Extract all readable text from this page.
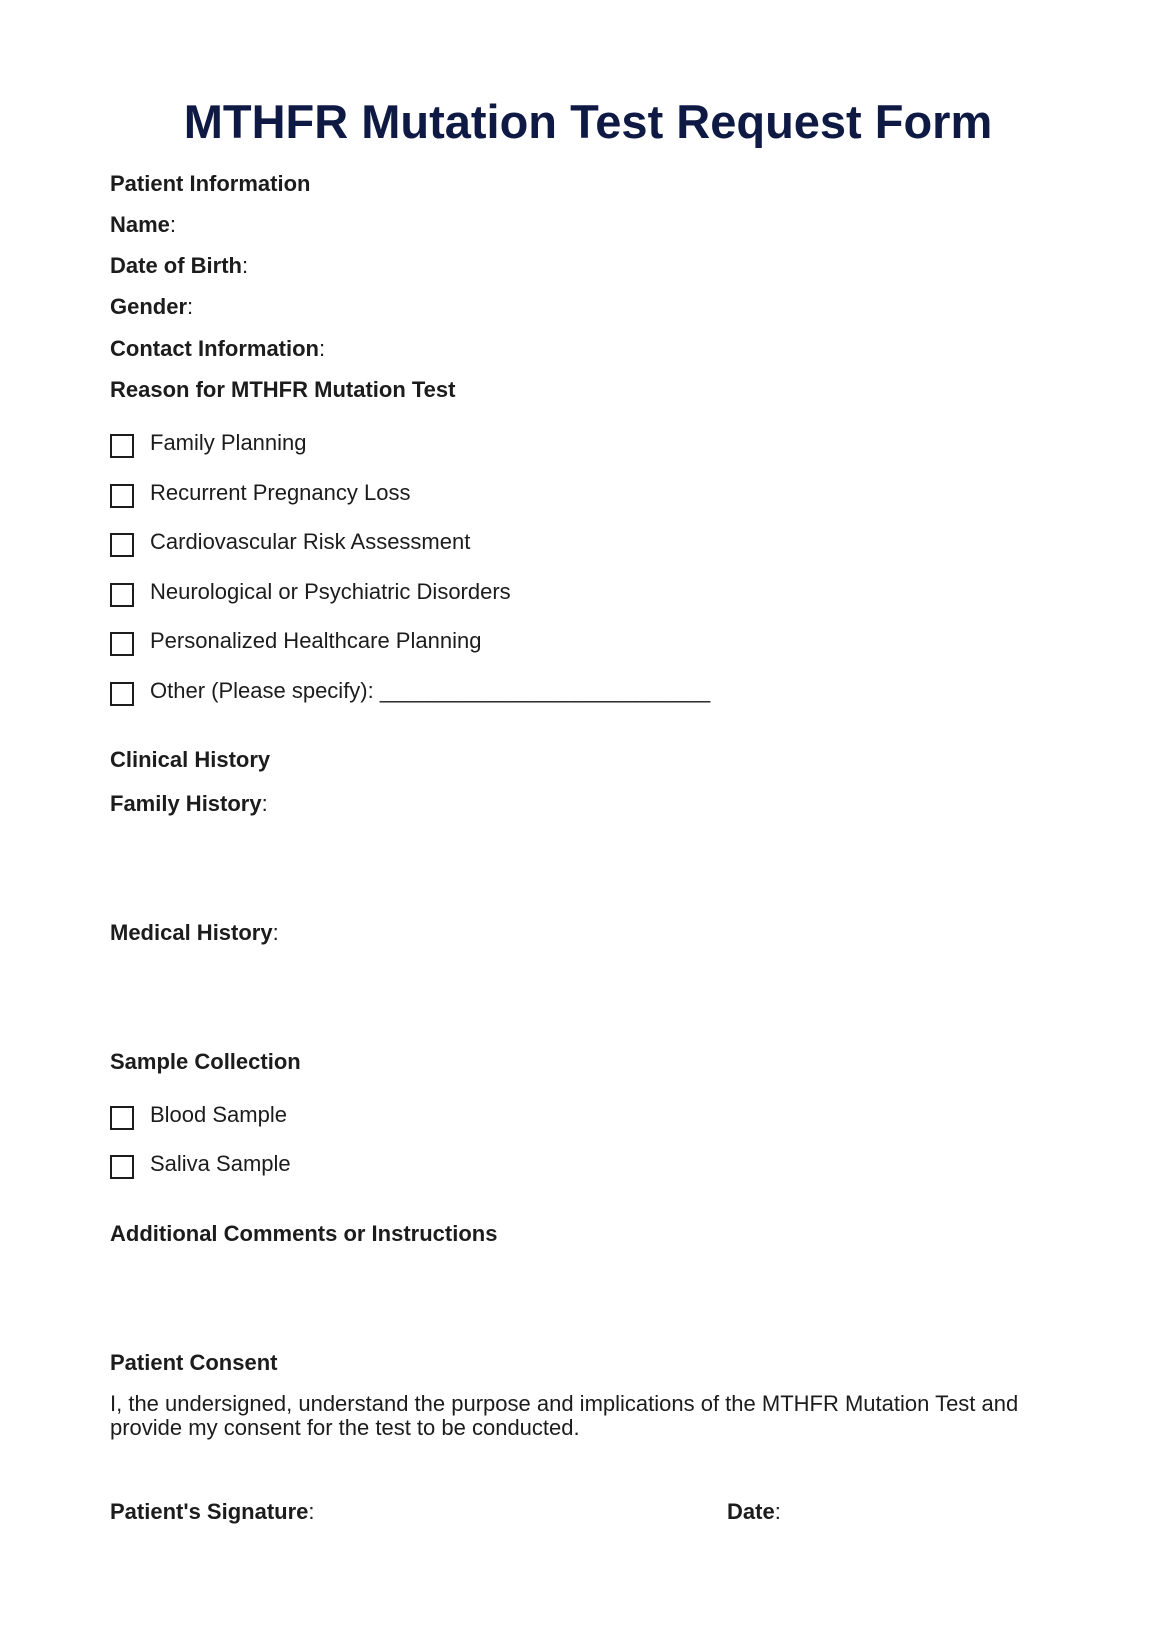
MTHFR Mutation Test Request Form
Patient Information
Name:
Date of Birth:
Gender:
Contact Information:
Reason for MTHFR Mutation Test
Family Planning
Recurrent Pregnancy Loss
Cardiovascular Risk Assessment
Neurological or Psychiatric Disorders
Personalized Healthcare Planning
Other (Please specify): ___________________________
Clinical History
Family History:
Medical History:
Sample Collection
Blood Sample
Saliva Sample
Additional Comments or Instructions
Patient Consent
I, the undersigned, understand the purpose and implications of the MTHFR Mutation Test and provide my consent for the test to be conducted.
Patient's Signature:	Date:
